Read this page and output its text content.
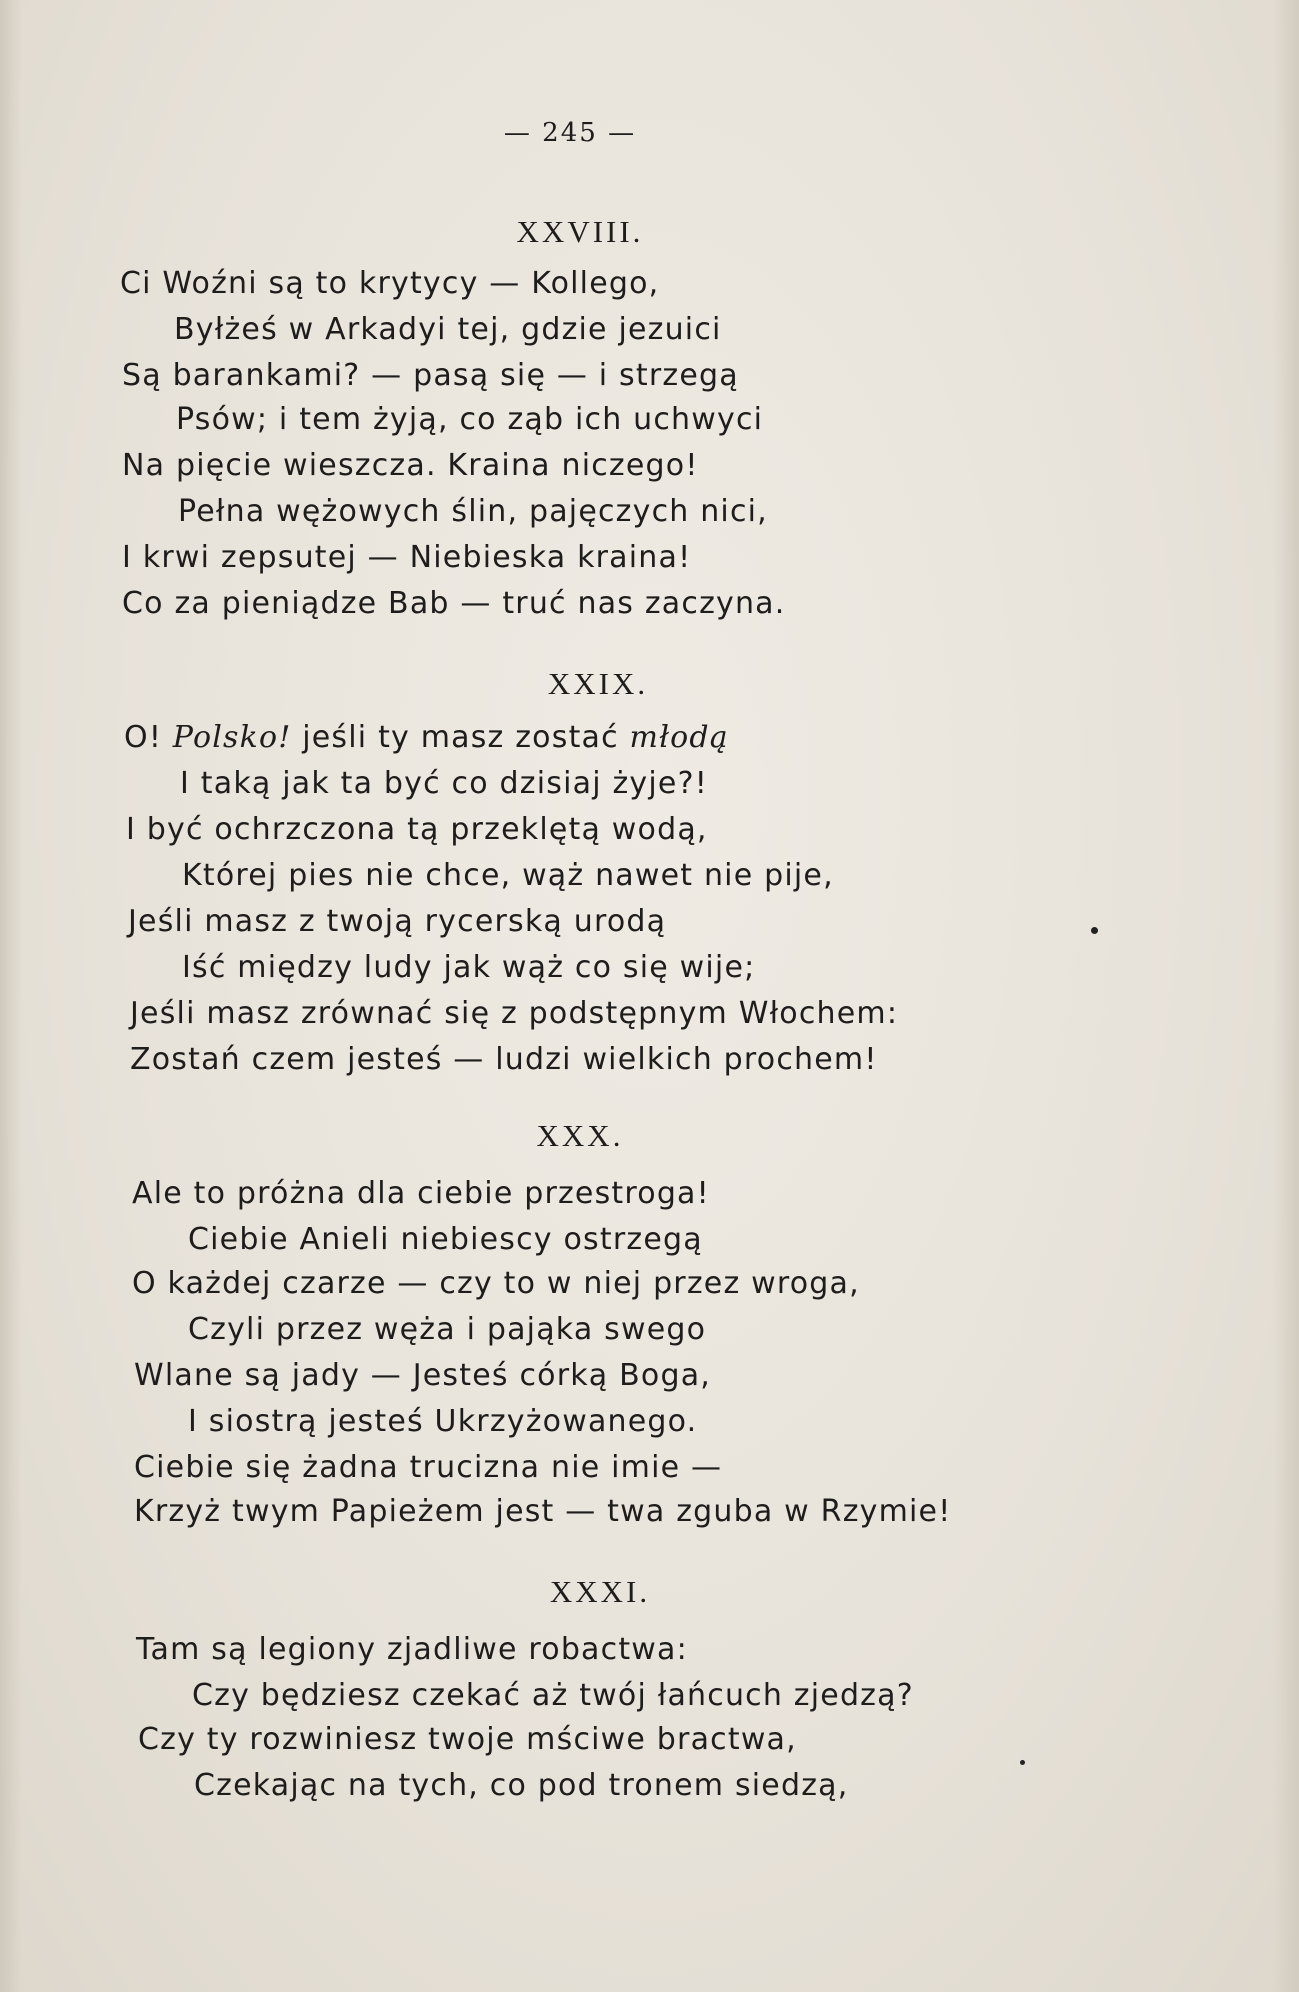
— 245 —
XXVIII.
Ci Woźni są to krytycy — Kollego,
Byłżeś w Arkadyi tej, gdzie jezuici
Są barankami? — pasą się — i strzegą
Psów; i tem żyją, co ząb ich uchwyci
Na pięcie wieszcza. Kraina niczego!
Pełna wężowych ślin, pajęczych nici,
I krwi zepsutej — Niebieska kraina!
Co za pieniądze Bab — truć nas zaczyna.
XXIX.
O! Polsko! jeśli ty masz zostać młodą
I taką jak ta być co dzisiaj żyje?!
I być ochrzczona tą przeklętą wodą,
Której pies nie chce, wąż nawet nie pije,
Jeśli masz z twoją rycerską urodą
Iść między ludy jak wąż co się wije;
Jeśli masz zrównać się z podstępnym Włochem:
Zostań czem jesteś — ludzi wielkich prochem!
XXX.
Ale to próżna dla ciebie przestroga!
Ciebie Anieli niebiescy ostrzegą
O każdej czarze — czy to w niej przez wroga,
Czyli przez węża i pająka swego
Wlane są jady — Jesteś córką Boga,
I siostrą jesteś Ukrzyżowanego.
Ciebie się żadna trucizna nie imie —
Krzyż twym Papieżem jest — twa zguba w Rzymie!
XXXI.
Tam są legiony zjadliwe robactwa:
Czy będziesz czekać aż twój łańcuch zjedzą?
Czy ty rozwiniesz twoje mściwe bractwa,
Czekając na tych, co pod tronem siedzą,
